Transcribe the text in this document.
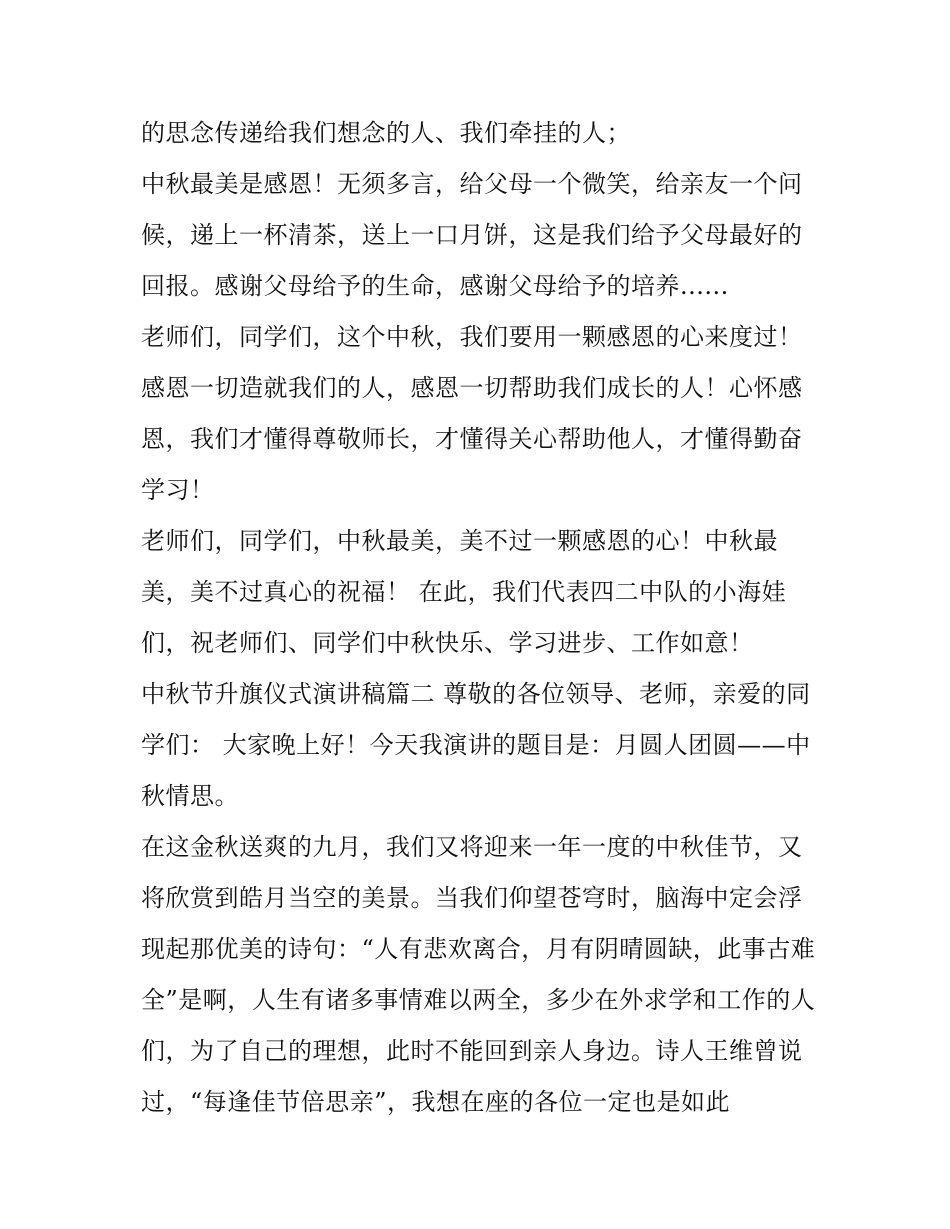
的思念传递给我们想念的人、我们牵挂的人；

中秋最美是感恩！无须多言，给父母一个微笑，给亲友一个问候，递上一杯清茶，送上一口月饼，这是我们给予父母最好的回报。感谢父母给予的生命，感谢父母给予的培养......

老师们，同学们，这个中秋，我们要用一颗感恩的心来度过！感恩一切造就我们的人，感恩一切帮助我们成长的人！心怀感恩，我们才懂得尊敬师长，才懂得关心帮助他人，才懂得勤奋学习！

老师们，同学们，中秋最美，美不过一颗感恩的心！中秋最美，美不过真心的祝福！ 在此，我们代表四二中队的小海娃们，祝老师们、同学们中秋快乐、学习进步、工作如意！

中秋节升旗仪式演讲稿篇二 尊敬的各位领导、老师，亲爱的同学们： 大家晚上好！今天我演讲的题目是：月圆人团圆——中秋情思。

在这金秋送爽的九月，我们又将迎来一年一度的中秋佳节，又将欣赏到皓月当空的美景。当我们仰望苍穹时，脑海中定会浮现起那优美的诗句：“人有悲欢离合，月有阴晴圆缺，此事古难全”是啊，人生有诸多事情难以两全，多少在外求学和工作的人们，为了自己的理想，此时不能回到亲人身边。诗人王维曾说过，“每逢佳节倍思亲”，我想在座的各位一定也是如此
